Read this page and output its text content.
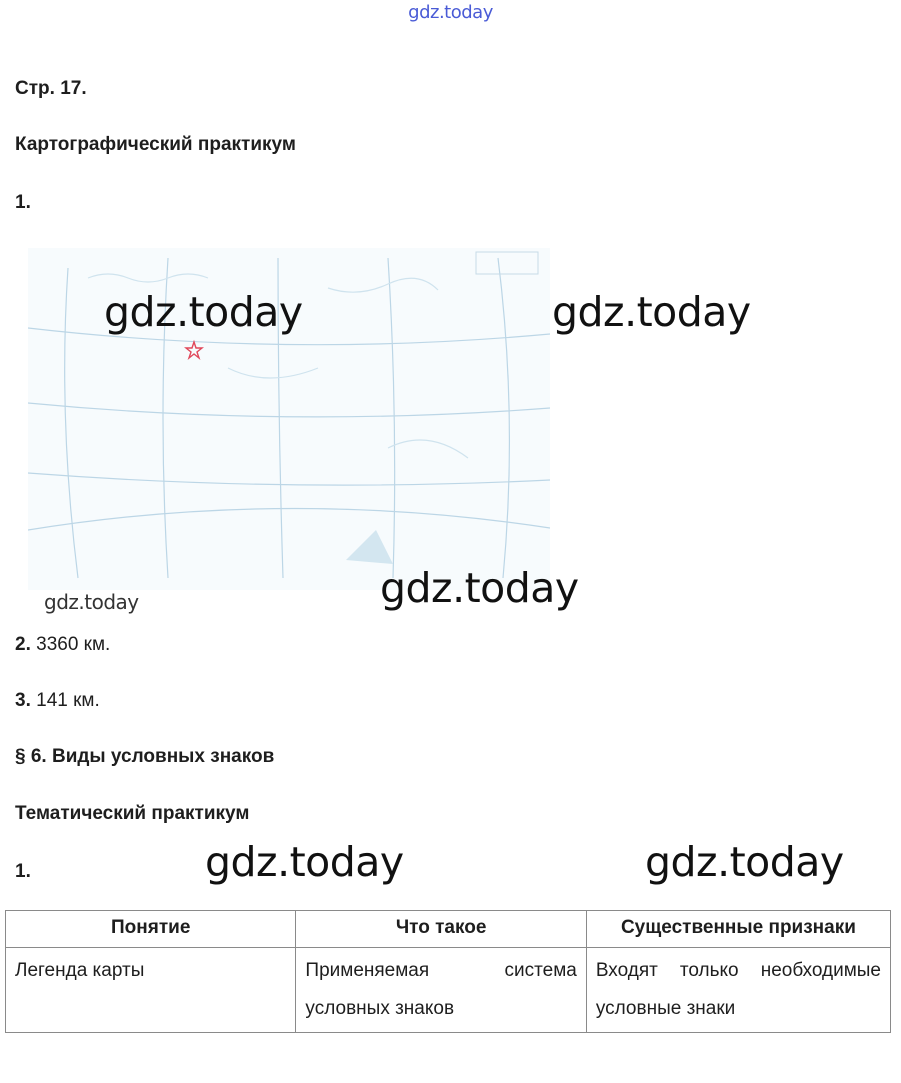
gdz.today
Стр. 17.
Картографический практикум
1.
gdz.today	gdz.today
gdz.today
gdz.today
2. 3360 км.
3. 141 км.
§ 6. Виды условных знаков
Тематический практикум
1.	gdz.today	gdz.today
Понятие	Что такое	Существенные признаки
Легенда карты	Применяемая система условных знаков	Входят только необходимые условные знаки
